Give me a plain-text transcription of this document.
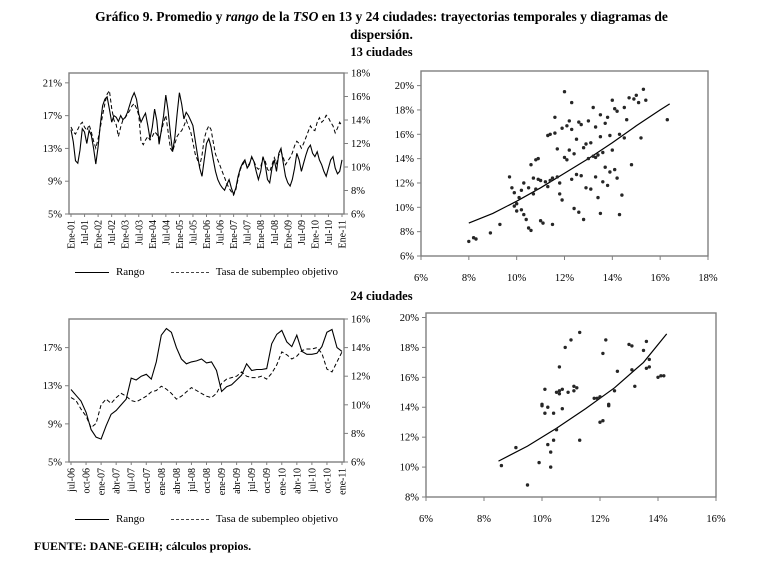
Gráfico 9. Promedio y rango de la TSO en 13 y 24 ciudades: trayectorias temporales y diagramas de
dispersión.
13 ciudades
24 ciudades
5%
9%
13%
17%
21%
6%
8%
10%
12%
14%
16%
18%
Ene-01 Jul-01 Ene-02 Jul-02 Ene-03 Jul-03 Ene-04 Jul-04 Ene-05 Jul-05 Ene-06 Jul-06 Ene-07 Jul-07 Ene-08 Jul-08 Ene-09 Jul-09 Ene-10 Jul-10 Ene-11
6%
8%
10%
12%
14%
16%
18%
20%
6%	8%	10%	12%	14%	16%	18%
5%
9%
13%
17%
6%
8%
10%
12%
14%
16%
jul-06 oct-06 ene-07 abr-07 jul-07 oct-07 ene-08 abr-08 jul-08 oct-08 ene-09 abr-09 jul-09 oct-09 ene-10 abr-10 jul-10 oct-10 ene-11
8%
10%
12%
14%
16%
18%
20%
6%	8%	10%	12%	14%	16%
Rango	Tasa de subempleo objetivo
Rango	Tasa de subempleo objetivo
FUENTE: DANE-GEIH; cálculos propios.
